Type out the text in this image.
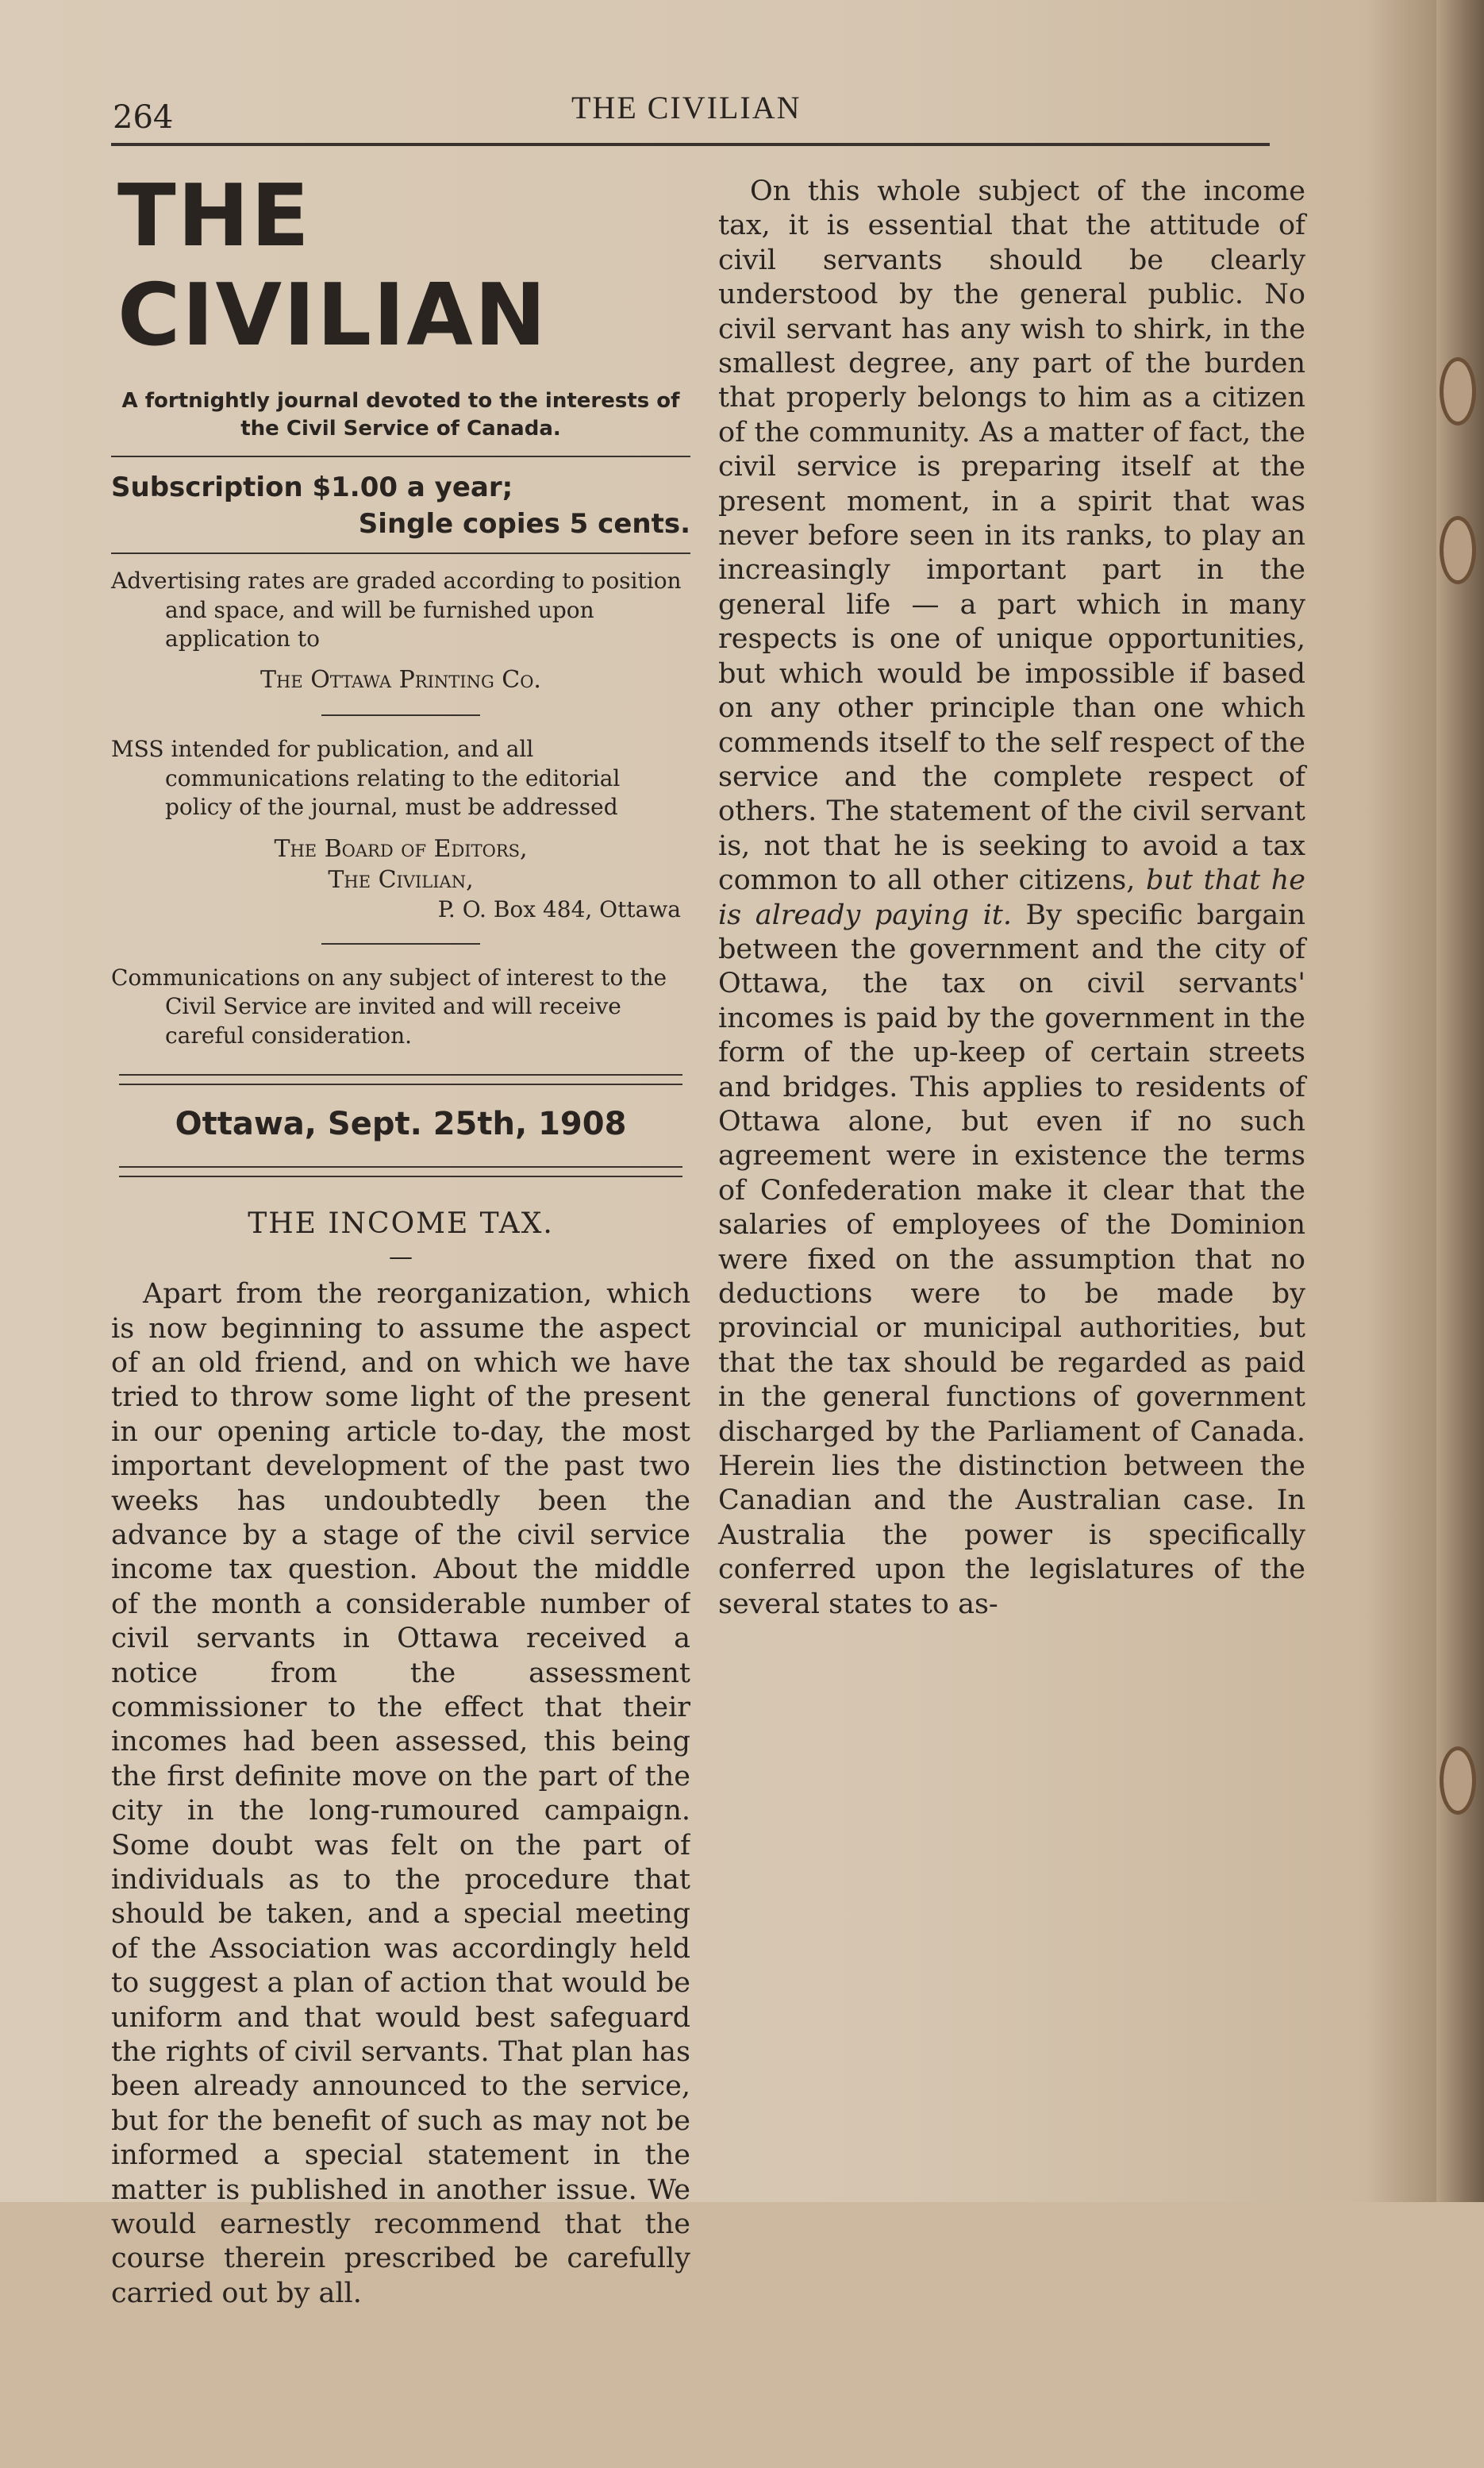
264	THE CIVILIAN
THE CIVILIAN
A fortnightly journal devoted to the interests of the Civil Service of Canada.
Subscription $1.00 a year;
Single copies 5 cents.
Advertising rates are graded according to position and space, and will be furnished upon application to
The Ottawa Printing Co.
MSS intended for publication, and all communications relating to the editorial policy of the journal, must be addressed
The Board of Editors,
The Civilian,
P. O. Box 484, Ottawa
Communications on any subject of interest to the Civil Service are invited and will receive careful consideration.
Ottawa, Sept. 25th, 1908
THE INCOME TAX.
—
Apart from the reorganization, which is now beginning to assume the aspect of an old friend, and on which we have tried to throw some light of the present in our opening article to-day, the most important development of the past two weeks has undoubtedly been the advance by a stage of the civil service income tax question. About the middle of the month a considerable number of civil servants in Ottawa received a notice from the assessment commissioner to the effect that their incomes had been assessed, this being the first definite move on the part of the city in the long-rumoured campaign. Some doubt was felt on the part of individuals as to the procedure that should be taken, and a special meeting of the Association was accordingly held to suggest a plan of action that would be uniform and that would best safeguard the rights of civil servants. That plan has been already announced to the service, but for the benefit of such as may not be informed a special statement in the matter is published in another issue. We would earnestly recommend that the course therein prescribed be carefully carried out by all.
On this whole subject of the income tax, it is essential that the attitude of civil servants should be clearly understood by the general public. No civil servant has any wish to shirk, in the smallest degree, any part of the burden that properly belongs to him as a citizen of the community. As a matter of fact, the civil service is preparing itself at the present moment, in a spirit that was never before seen in its ranks, to play an increasingly important part in the general life — a part which in many respects is one of unique opportunities, but which would be impossible if based on any other principle than one which commends itself to the self respect of the service and the complete respect of others. The statement of the civil servant is, not that he is seeking to avoid a tax common to all other citizens, but that he is already paying it. By specific bargain between the government and the city of Ottawa, the tax on civil servants' incomes is paid by the government in the form of the up-keep of certain streets and bridges. This applies to residents of Ottawa alone, but even if no such agreement were in existence the terms of Confederation make it clear that the salaries of employees of the Dominion were fixed on the assumption that no deductions were to be made by provincial or municipal authorities, but that the tax should be regarded as paid in the general functions of government discharged by the Parliament of Canada. Herein lies the distinction between the Canadian and the Australian case. In Australia the power is specifically conferred upon the legislatures of the several states to as-
